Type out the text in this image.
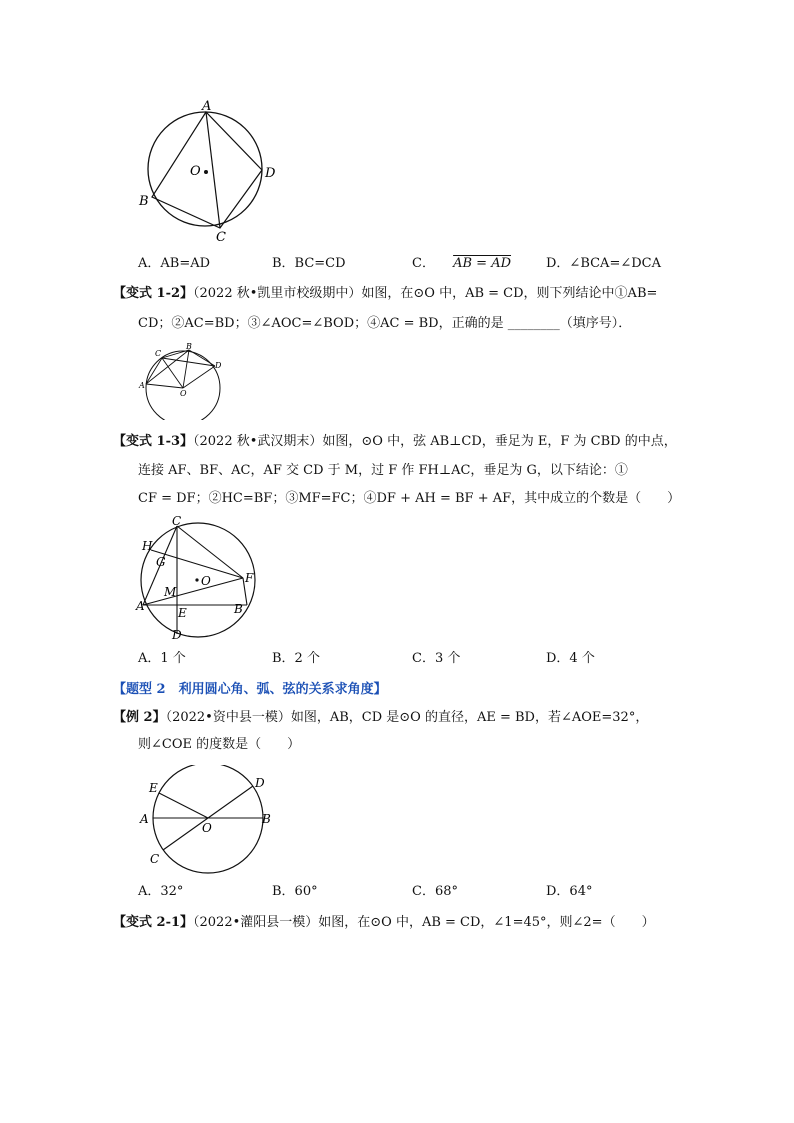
A
B
C
D
O
A．AB=AD	B．BC=CD	C． AB = AD	D．∠BCA=∠DCA
【变式 1-2】（2022 秋•凯里市校级期中）如图，在⊙O 中，AB = CD，则下列结论中①AB=
CD；②AC=BD；③∠AOC=∠BOD；④AC = BD，正确的是 ________（填序号）．
A
C
B
D
O
【变式 1-3】（2022 秋•武汉期末）如图，⊙O 中，弦 AB⊥CD，垂足为 E，F 为 CBD 的中点，
连接 AF、BF、AC，AF 交 CD 于 M，过 F 作 FH⊥AC，垂足为 G，以下结论：①
CF = DF；②HC=BF；③MF=FC；④DF + AH = BF + AF，其中成立的个数是（　　）
C
H
G
M
O	F
A	E	B
D
A．1 个	B．2 个	C．3 个	D．4 个
【题型 2　利用圆心角、弧、弦的关系求角度】
【例 2】（2022•资中县一模）如图，AB，CD 是⊙O 的直径，AE = BD，若∠AOE=32°，
则∠COE 的度数是（　　）
E	D
A	B
O
C
A．32°	B．60°	C．68°	D．64°
【变式 2-1】（2022•灌阳县一模）如图，在⊙O 中，AB = CD，∠1=45°，则∠2=（　　）
